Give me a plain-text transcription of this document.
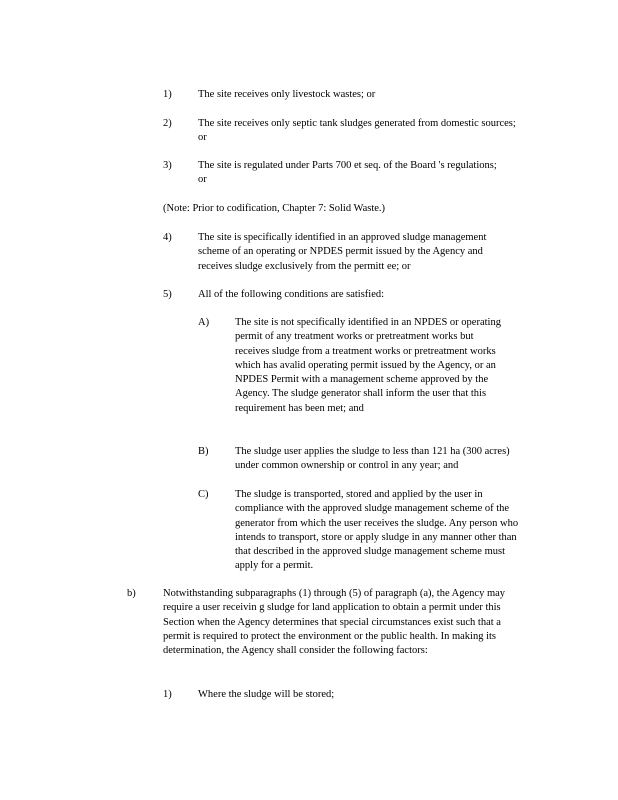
1)	The site receives only livestock wastes; or
2)	The site receives only septic tank sludges generated from domestic sources; or
3)	The site is regulated under Parts 700 et seq. of the Board 's regulations; or
(Note: Prior to codification, Chapter 7: Solid Waste.)
4)	The site is specifically identified in an approved sludge management scheme of an operating or NPDES permit issued by the Agency and receives sludge exclusively from the permitt ee; or
5)	All of the following conditions are satisfied:
A) The site is not specifically identified in an NPDES or operating permit of any treatment works or pretreatment works but receives sludge from a treatment works or pretreatment works which has avalid operating permit issued by the Agency, or an NPDES Permit with a management scheme approved by the Agency. The sludge generator shall inform the user that this requirement has been met; and
B)	The sludge user applies the sludge to less than 121 ha (300 acres) under common ownership or control in any year; and
C)	The sludge is transported, stored and applied by the user in compliance with the approved sludge management scheme of the generator from which the user receives the sludge. Any person who intends to transport, store or apply sludge in any manner other than that described in the approved sludge management scheme must apply for a permit.
b)	Notwithstanding subparagraphs (1) through (5) of paragraph (a), the Agency may require a user receivin g sludge for land application to obtain a permit under this Section when the Agency determines that special circumstances exist such that a permit is required to protect the environment or the public health. In making its determination, the Agency shall consider the following factors:
1)	Where the sludge will be stored;
